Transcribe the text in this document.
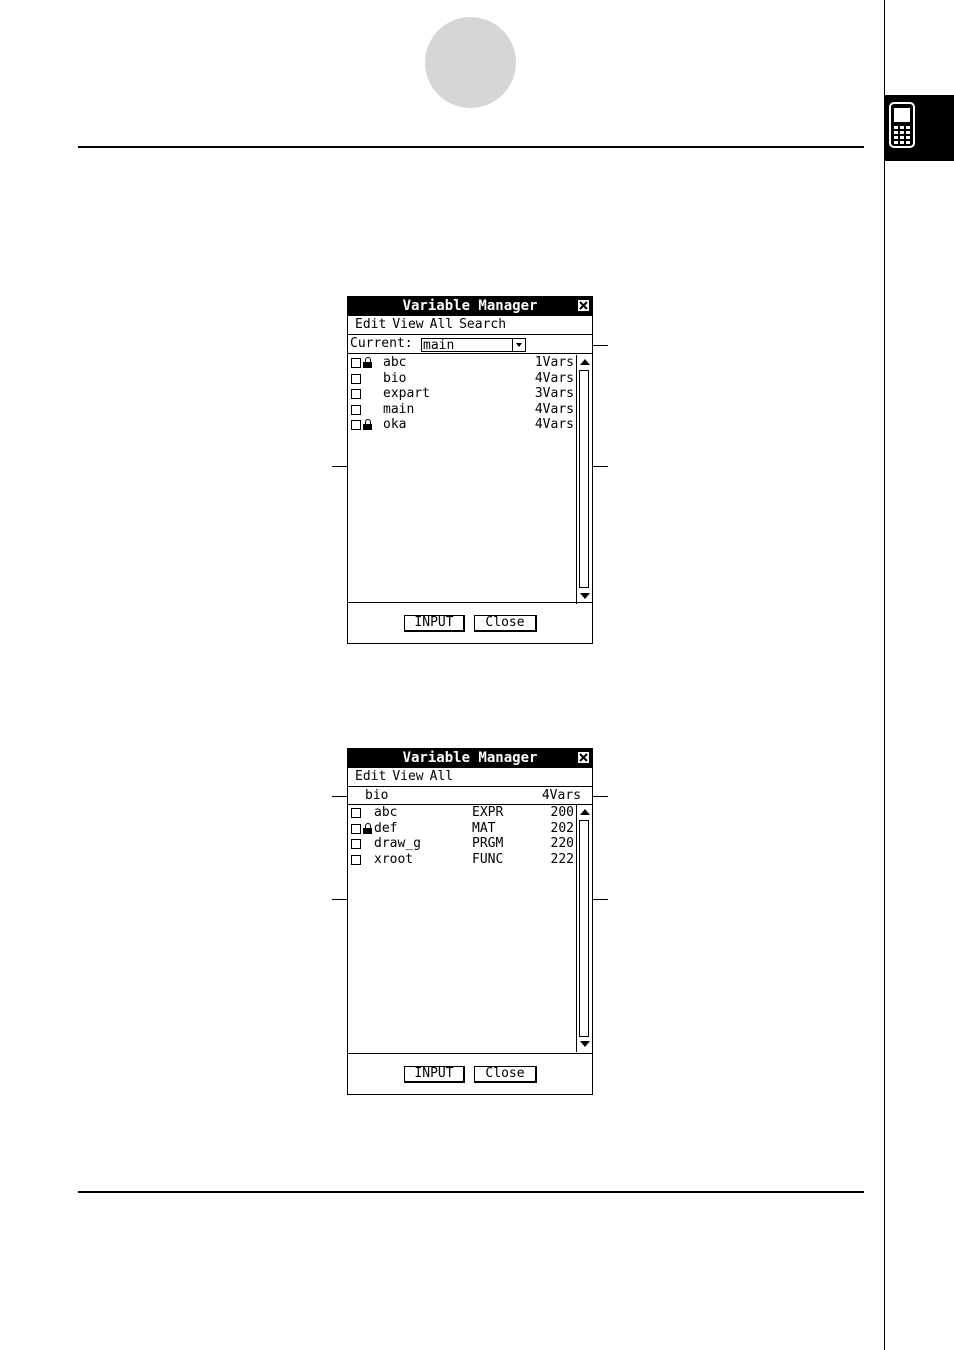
Variable Manager
Edit View All Search
Current: main
abc	1Vars
bio	4Vars
expart	3Vars
main	4Vars
oka	4Vars
INPUT	Close
Variable Manager
Edit View All
bio	4Vars
abc	EXPR	200
def	MAT	202
draw_g	PRGM	220
xroot	FUNC	222
INPUT	Close
